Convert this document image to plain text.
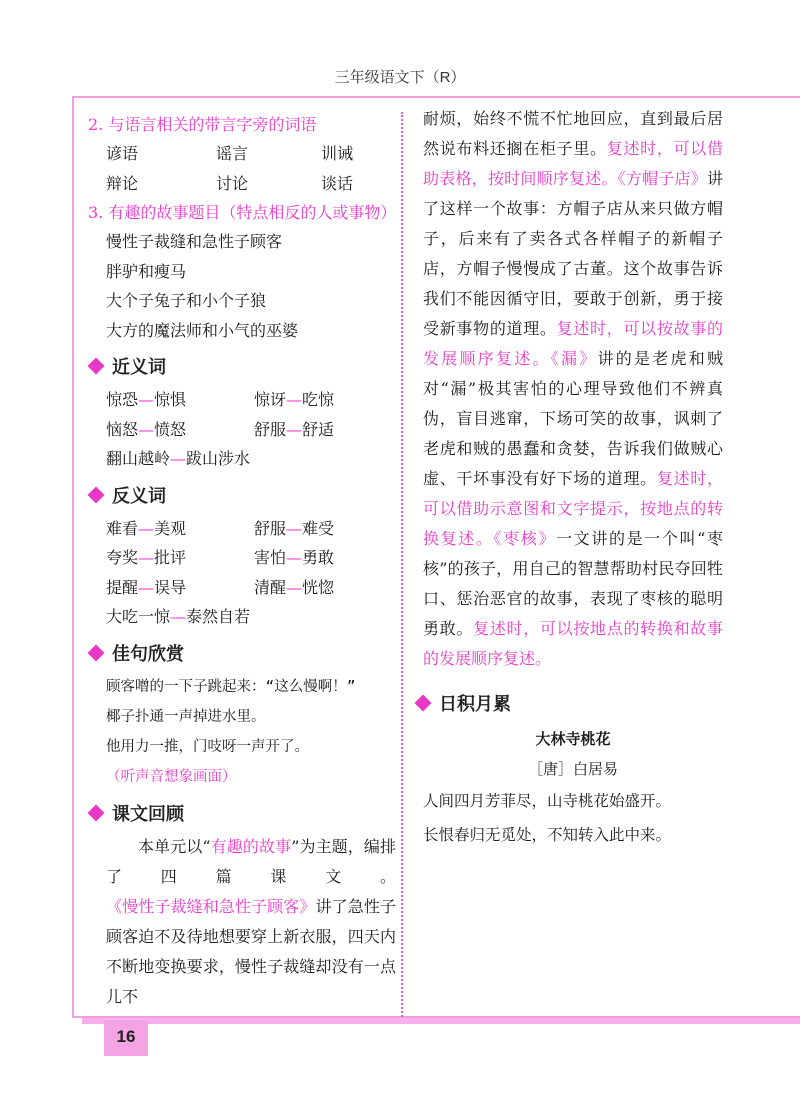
三年级语文下（R）
2. 与语言相关的带言字旁的词语
谚语	谣言	训诫
辩论	讨论	谈话
3. 有趣的故事题目（特点相反的人或事物）
慢性子裁缝和急性子顾客
胖驴和瘦马
大个子兔子和小个子狼
大方的魔法师和小气的巫婆
近义词
惊恐—惊惧	惊讶—吃惊
恼怒—愤怒	舒服—舒适
翻山越岭—跋山涉水
反义词
难看—美观	舒服—难受
夸奖—批评	害怕—勇敢
提醒—误导	清醒—恍惚
大吃一惊—泰然自若
佳句欣赏
顾客噌的一下子跳起来：“这么慢啊！”
椰子扑通一声掉进水里。
他用力一推，门吱呀一声开了。
（听声音想象画面）
课文回顾
本单元以“有趣的故事”为主题，编排了四篇课文。《慢性子裁缝和急性子顾客》讲了急性子顾客迫不及待地想要穿上新衣服，四天内不断地变换要求，慢性子裁缝却没有一点儿不
耐烦，始终不慌不忙地回应，直到最后居然说布料还搁在柜子里。复述时，可以借助表格，按时间顺序复述。《方帽子店》讲了这样一个故事：方帽子店从来只做方帽子，后来有了卖各式各样帽子的新帽子店，方帽子慢慢成了古董。这个故事告诉我们不能因循守旧，要敢于创新，勇于接受新事物的道理。复述时，可以按故事的发展顺序复述。《漏》讲的是老虎和贼对“漏”极其害怕的心理导致他们不辨真伪，盲目逃窜，下场可笑的故事，讽刺了老虎和贼的愚蠢和贪婪，告诉我们做贼心虚、干坏事没有好下场的道理。复述时，可以借助示意图和文字提示，按地点的转换复述。《枣核》一文讲的是一个叫“枣核”的孩子，用自己的智慧帮助村民夺回牲口、惩治恶官的故事，表现了枣核的聪明勇敢。复述时，可以按地点的转换和故事的发展顺序复述。
日积月累
大林寺桃花
［唐］白居易
人间四月芳菲尽，山寺桃花始盛开。
长恨春归无觅处，不知转入此中来。
16
